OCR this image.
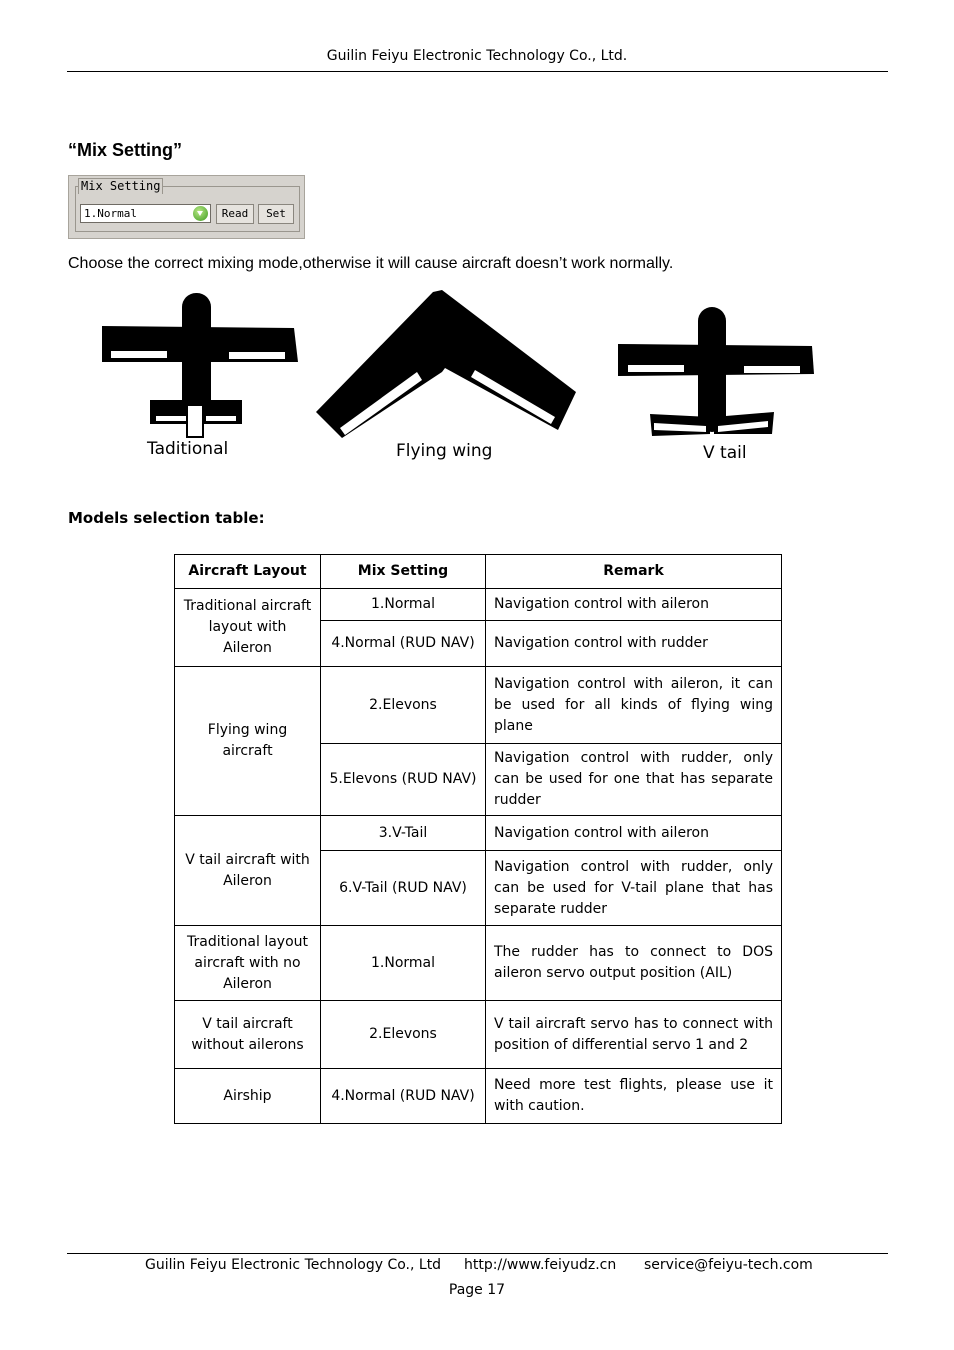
Guilin Feiyu Electronic Technology Co., Ltd.
“Mix Setting”
Mix Setting
1.Normal	Read	Set
Choose the correct mixing mode,otherwise it will cause aircraft doesn’t work normally.
Taditional	Flying wing	V tail
Models selection table:
Aircraft Layout	Mix Setting	Remark
Traditional aircraft layout with Aileron	1.Normal	Navigation control with aileron
	4.Normal (RUD NAV)	Navigation control with rudder
Flying wing aircraft	2.Elevons	Navigation control with aileron, it can be used for all kinds of flying wing plane
	5.Elevons (RUD NAV)	Navigation control with rudder, only can be used for one that has separate rudder
V tail aircraft with Aileron	3.V-Tail	Navigation control with aileron
	6.V-Tail (RUD NAV)	Navigation control with rudder, only can be used for V-tail plane that has separate rudder
Traditional layout aircraft with no Aileron	1.Normal	The rudder has to connect to DOS aileron servo output position (AIL)
V tail aircraft without ailerons	2.Elevons	V tail aircraft servo has to connect with position of differential servo 1 and 2
Airship	4.Normal (RUD NAV)	Need more test flights, please use it with caution.
Guilin Feiyu Electronic Technology Co., Ltd http://www.feiyudz.cn service@feiyu-tech.com
Page 17
